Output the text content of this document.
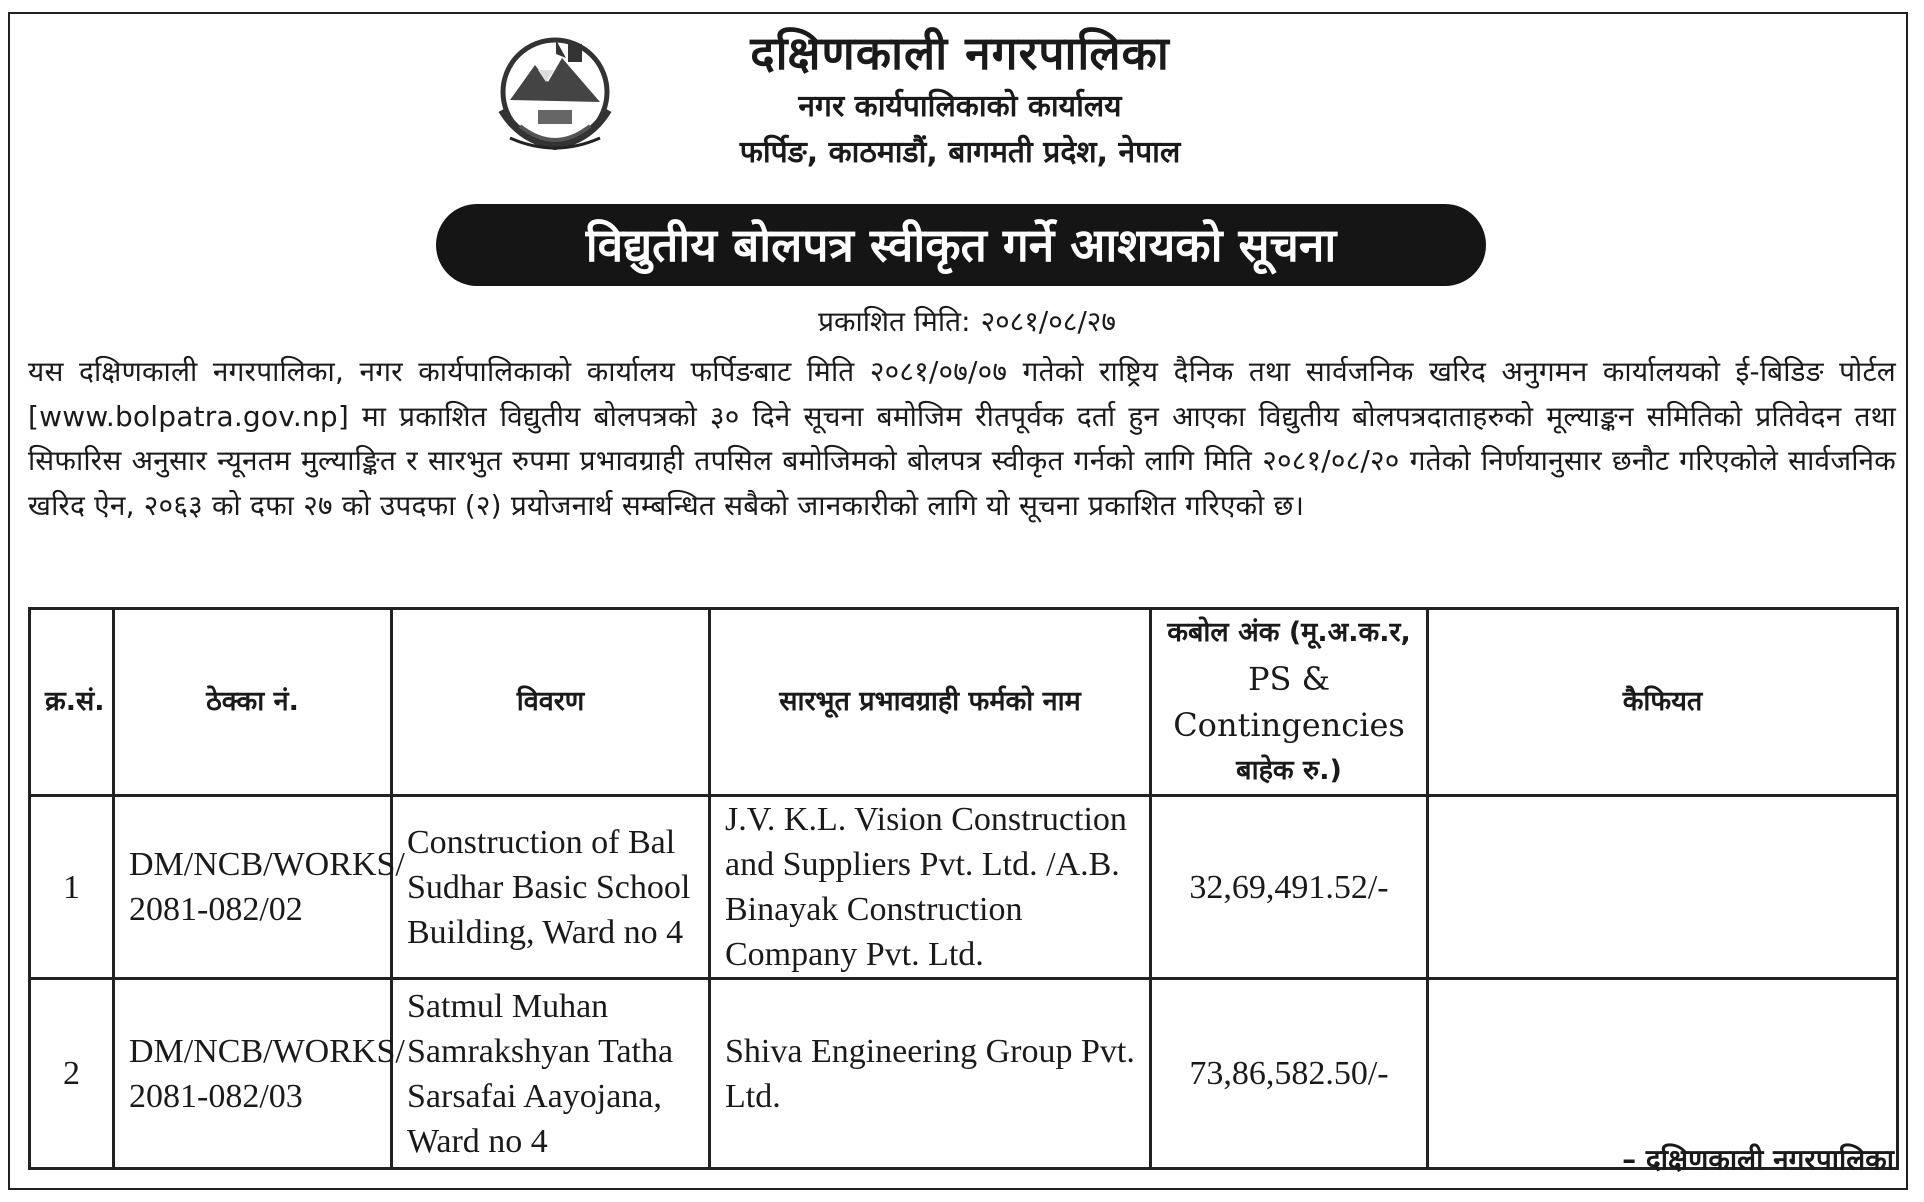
दक्षिणकाली नगरपालिका
नगर कार्यपालिकाको कार्यालय
फर्पिङ, काठमाडौं, बागमती प्रदेश, नेपाल
विद्युतीय बोलपत्र स्वीकृत गर्ने आशयको सूचना
प्रकाशित मिति: २०८१/०८/२७
यस दक्षिणकाली नगरपालिका, नगर कार्यपालिकाको कार्यालय फर्पिङबाट मिति २०८१/०७/०७ गतेको राष्ट्रिय दैनिक तथा सार्वजनिक खरिद अनुगमन कार्यालयको ई-बिडिङ पोर्टल [www.bolpatra.gov.np] मा प्रकाशित विद्युतीय बोलपत्रको ३० दिने सूचना बमोजिम रीतपूर्वक दर्ता हुन आएका विद्युतीय बोलपत्रदाताहरुको मूल्याङ्कन समितिको प्रतिवेदन तथा सिफारिस अनुसार न्यूनतम मुल्याङ्कित र सारभुत रुपमा प्रभावग्राही तपसिल बमोजिमको बोलपत्र स्वीकृत गर्नको लागि मिति २०८१/०८/२० गतेको निर्णयानुसार छनौट गरिएकोले सार्वजनिक खरिद ऐन, २०६३ को दफा २७ को उपदफा (२) प्रयोजनार्थ सम्बन्धित सबैको जानकारीको लागि यो सूचना प्रकाशित गरिएको छ।
क्र.सं.	ठेक्का नं.	विवरण	सारभूत प्रभावग्राही फर्मको नाम	कबोल अंक (मू.अ.क.र,
PS & Contingencies
बाहेक रु.)	कैफियत
1	DM/NCB/WORKS/ 2081-082/02	Construction of Bal Sudhar Basic School Building, Ward no 4	J.V. K.L. Vision Construction and Suppliers Pvt. Ltd. /A.B. Binayak Construction Company Pvt. Ltd.	32,69,491.52/-	
2	DM/NCB/WORKS/ 2081-082/03	Satmul Muhan Samrakshyan Tatha Sarsafai Aayojana, Ward no 4	Shiva Engineering Group Pvt. Ltd.	73,86,582.50/-	
– दक्षिणकाली नगरपालिका
